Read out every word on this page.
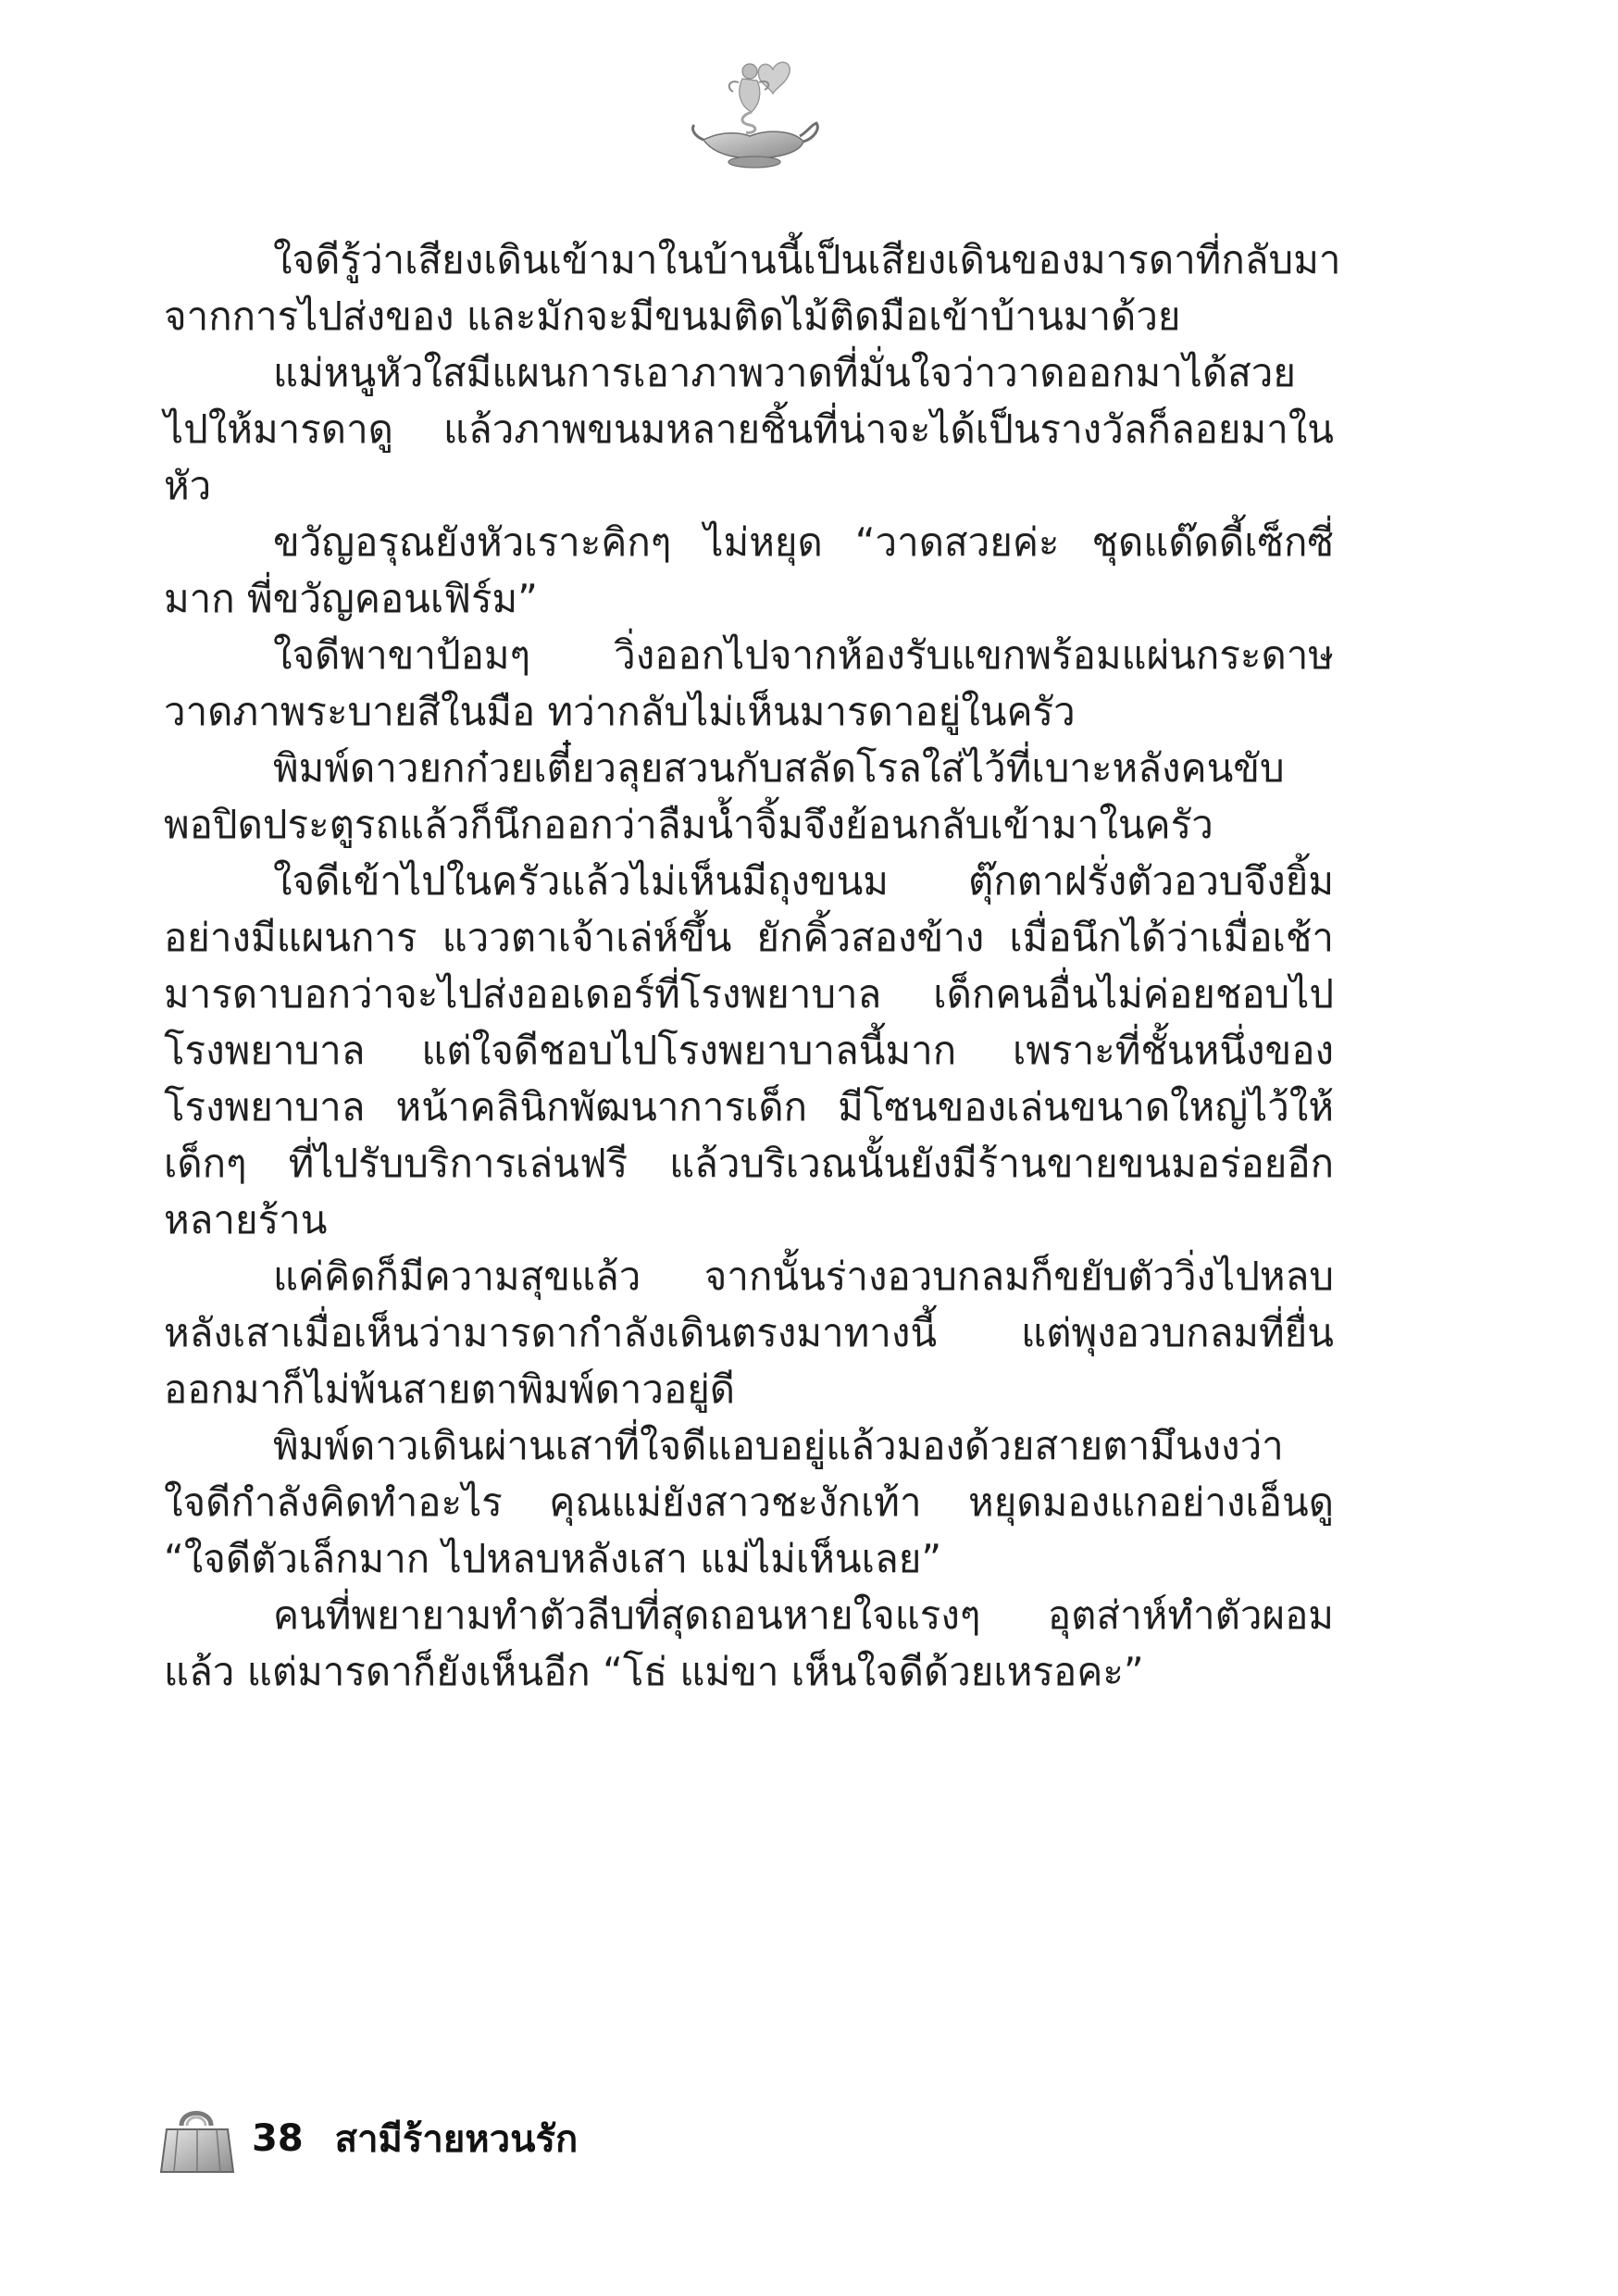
ใจดีรู้ว่าเสียงเดินเข้ามาในบ้านนี้เป็นเสียงเดินของมารดาที่กลับมา
จากการไปส่งของ และมักจะมีขนมติดไม้ติดมือเข้าบ้านมาด้วย
แม่หนูหัวใสมีแผนการเอาภาพวาดที่มั่นใจว่าวาดออกมาได้สวย
ไปให้มารดาดู แล้วภาพขนมหลายชิ้นที่น่าจะได้เป็นรางวัลก็ลอยมาใน
หัว
ขวัญอรุณยังหัวเราะคิกๆ ไม่หยุด “วาดสวยค่ะ ชุดแด๊ดดี้เซ็กซี่
มาก พี่ขวัญคอนเฟิร์ม”
ใจดีพาขาป้อมๆ วิ่งออกไปจากห้องรับแขกพร้อมแผ่นกระดาษ
วาดภาพระบายสีในมือ ทว่ากลับไม่เห็นมารดาอยู่ในครัว
พิมพ์ดาวยกก๋วยเตี๋ยวลุยสวนกับสลัดโรลใส่ไว้ที่เบาะหลังคนขับ
พอปิดประตูรถแล้วก็นึกออกว่าลืมน้ำจิ้มจึงย้อนกลับเข้ามาในครัว
ใจดีเข้าไปในครัวแล้วไม่เห็นมีถุงขนม ตุ๊กตาฝรั่งตัวอวบจึงยิ้ม
อย่างมีแผนการ แววตาเจ้าเล่ห์ขึ้น ยักคิ้วสองข้าง เมื่อนึกได้ว่าเมื่อเช้า
มารดาบอกว่าจะไปส่งออเดอร์ที่โรงพยาบาล เด็กคนอื่นไม่ค่อยชอบไป
โรงพยาบาล แต่ใจดีชอบไปโรงพยาบาลนี้มาก เพราะที่ชั้นหนึ่งของ
โรงพยาบาล หน้าคลินิกพัฒนาการเด็ก มีโซนของเล่นขนาดใหญ่ไว้ให้
เด็กๆ ที่ไปรับบริการเล่นฟรี แล้วบริเวณนั้นยังมีร้านขายขนมอร่อยอีก
หลายร้าน
แค่คิดก็มีความสุขแล้ว จากนั้นร่างอวบกลมก็ขยับตัววิ่งไปหลบ
หลังเสาเมื่อเห็นว่ามารดากำลังเดินตรงมาทางนี้ แต่พุงอวบกลมที่ยื่น
ออกมาก็ไม่พ้นสายตาพิมพ์ดาวอยู่ดี
พิมพ์ดาวเดินผ่านเสาที่ใจดีแอบอยู่แล้วมองด้วยสายตามึนงงว่า
ใจดีกำลังคิดทำอะไร คุณแม่ยังสาวชะงักเท้า หยุดมองแกอย่างเอ็นดู
“ใจดีตัวเล็กมาก ไปหลบหลังเสา แม่ไม่เห็นเลย”
คนที่พยายามทำตัวลีบที่สุดถอนหายใจแรงๆ อุตส่าห์ทำตัวผอม
แล้ว แต่มารดาก็ยังเห็นอีก “โธ่ แม่ขา เห็นใจดีด้วยเหรอคะ”
38 สามีร้ายหวนรัก
